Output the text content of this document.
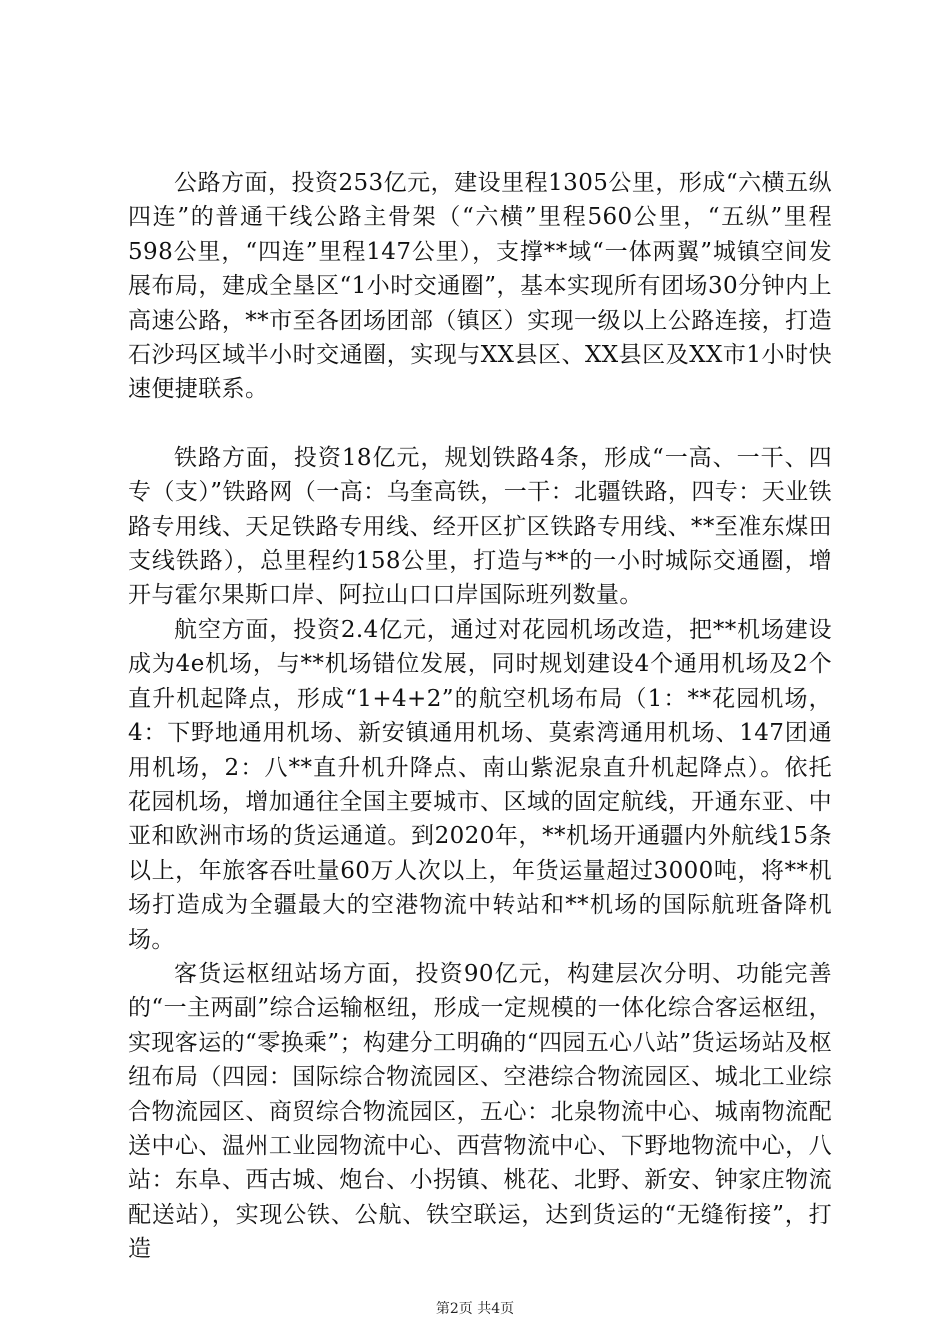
公路方面，投资253亿元，建设里程1305公里，形成“六横五纵四连”的普通干线公路主骨架（“六横”里程560公里，“五纵”里程598公里，“四连”里程147公里），支撑**域“一体两翼”城镇空间发展布局，建成全垦区“1小时交通圈”，基本实现所有团场30分钟内上高速公路，**市至各团场团部（镇区）实现一级以上公路连接，打造石沙玛区域半小时交通圈，实现与XX县区、XX县区及XX市1小时快速便捷联系。

铁路方面，投资18亿元，规划铁路4条，形成“一高、一干、四专（支）”铁路网（一高：乌奎高铁，一干：北疆铁路，四专：天业铁路专用线、天足铁路专用线、经开区扩区铁路专用线、**至准东煤田支线铁路），总里程约158公里，打造与**的一小时城际交通圈，增开与霍尔果斯口岸、阿拉山口口岸国际班列数量。

航空方面，投资2.4亿元，通过对花园机场改造，把**机场建设成为4e机场，与**机场错位发展，同时规划建设4个通用机场及2个直升机起降点，形成“1+4+2”的航空机场布局（1：**花园机场，4：下野地通用机场、新安镇通用机场、莫索湾通用机场、147团通用机场，2：八**直升机升降点、南山紫泥泉直升机起降点）。依托花园机场，增加通往全国主要城市、区域的固定航线，开通东亚、中亚和欧洲市场的货运通道。到2020年，**机场开通疆内外航线15条以上，年旅客吞吐量60万人次以上，年货运量超过3000吨，将**机场打造成为全疆最大的空港物流中转站和**机场的国际航班备降机场。

客货运枢纽站场方面，投资90亿元，构建层次分明、功能完善的“一主两副”综合运输枢纽，形成一定规模的一体化综合客运枢纽，实现客运的“零换乘”；构建分工明确的“四园五心八站”货运场站及枢纽布局（四园：国际综合物流园区、空港综合物流园区、城北工业综合物流园区、商贸综合物流园区，五心：北泉物流中心、城南物流配送中心、温州工业园物流中心、西营物流中心、下野地物流中心，八站：东阜、西古城、炮台、小拐镇、桃花、北野、新安、钟家庄物流配送站），实现公铁、公航、铁空联运，达到货运的“无缝衔接”，打造

第2页 共4页
